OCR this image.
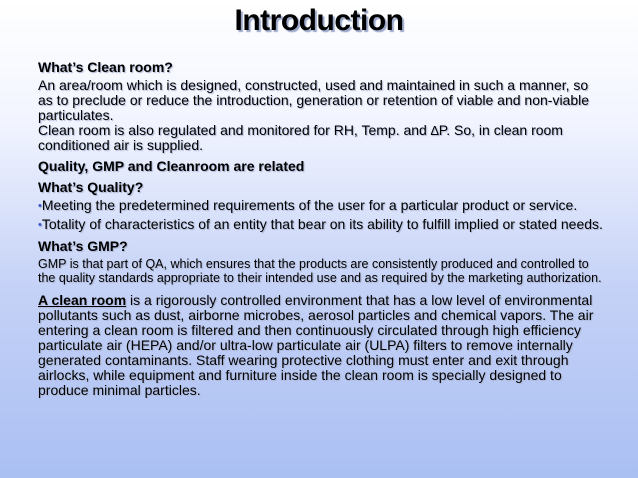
Introduction

What’s Clean room?

An area/room which is designed, constructed, used and maintained in such a manner, so as to preclude or reduce the introduction, generation or retention of viable and non-viable particulates.

Clean room is also regulated and monitored for RH, Temp. and ∆P. So, in clean room conditioned air is supplied.

Quality, GMP and Cleanroom are related

What’s Quality?

• Meeting the predetermined requirements of the user for a particular product or service.

• Totality of characteristics of an entity that bear on its ability to fulfill implied or stated needs.

What’s GMP?

GMP is that part of QA, which ensures that the products are consistently produced and controlled to the quality standards appropriate to their intended use and as required by the marketing authorization.

A clean room is a rigorously controlled environment that has a low level of environmental pollutants such as dust, airborne microbes, aerosol particles and chemical vapors. The air entering a clean room is filtered and then continuously circulated through high efficiency particulate air (HEPA) and/or ultra-low particulate air (ULPA) filters to remove internally generated contaminants. Staff wearing protective clothing must enter and exit through airlocks, while equipment and furniture inside the clean room is specially designed to produce minimal particles.
